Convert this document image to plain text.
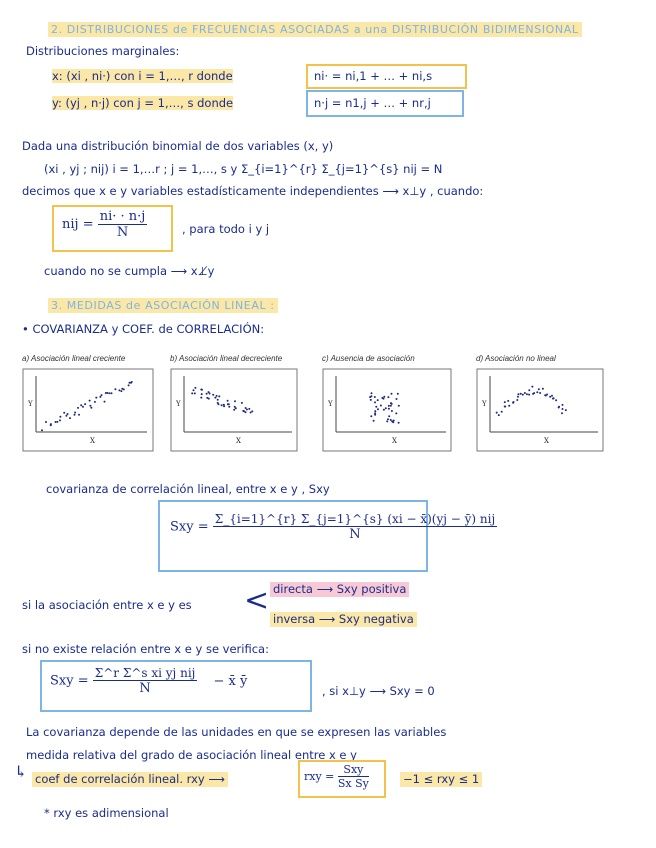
2. DISTRIBUCIONES de FRECUENCIAS ASOCIADAS a una DISTRIBUCIÓN BIDIMENSIONAL
Distribuciones marginales:
x: (xi , ni·) con i = 1,…, r donde	ni· = ni,1 + … + ni,s
y: (yj , n·j) con j = 1,…, s donde	n·j = n1,j + … + nr,j
Dada una distribución binomial de dos variables (x, y)
(xi , yj ; nij) i = 1,…r ; j = 1,…, s y Σ_{i=1}^{r} Σ_{j=1}^{s} nij = N
decimos que x e y variables estadísticamente independientes ⟶ x⊥y , cuando:
nij = $\frac{ni\cdot \cdot n\cdot j}{N}$	, para todo i y j
cuando no se cumpla ⟶ x⊥̸y
3. MEDIDAS de ASOCIACIÓN LINEAL :
• COVARIANZA y COEF. de CORRELACIÓN:
a) Asociación lineal creciente	b) Asociación lineal decreciente	c) Ausencia de asociación	d) Asociación no lineal
Y
X
Y
X
Y
X
Y
X
covarianza de correlación lineal, entre x e y , Sxy
Sxy = $\frac{\text{Σ\_\{i=1\}\textasciicircum{}\{r\} Σ\_\{j=1\}\textasciicircum{}\{s\} (xi − x̄)(yj − ȳ) nij}}{N}$
si la asociación entre x e y es < directa ⟶ Sxy positiva
inversa ⟶ Sxy negativa
si no existe relación entre x e y se verifica:
Sxy = $\frac{\text{Σ\textasciicircum{}r Σ\textasciicircum{}s xi yj nij}}{N}$ − x̄ ȳ
, si x⊥y ⟶ Sxy = 0
La covarianza depende de las unidades en que se expresen las variables
medida relativa del grado de asociación lineal entre x e y
↳ coef de correlación lineal. rxy ⟶	rxy = $\frac{\text{Sxy}}{\text{Sx Sy}}$	−1 ≤ rxy ≤ 1
* rxy es adimensional
